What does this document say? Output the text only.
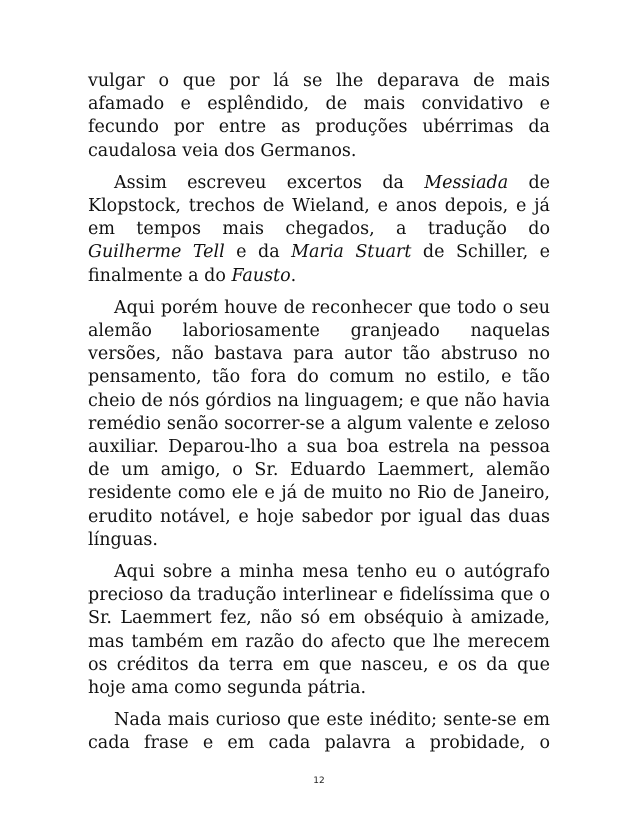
vulgar o que por lá se lhe deparava de mais afamado e esplêndido, de mais convidativo e fecundo por entre as produções ubérrimas da caudalosa veia dos Germanos.

Assim escreveu excertos da Messiada de Klopstock, trechos de Wieland, e anos depois, e já em tempos mais chegados, a tradução do Guilherme Tell e da Maria Stuart de Schiller, e finalmente a do Fausto.

Aqui porém houve de reconhecer que todo o seu alemão laboriosamente granjeado naquelas versões, não bastava para autor tão abstruso no pensamento, tão fora do comum no estilo, e tão cheio de nós górdios na linguagem; e que não havia remédio senão socorrer-se a algum valente e zeloso auxiliar. Deparou-lho a sua boa estrela na pessoa de um amigo, o Sr. Eduardo Laemmert, alemão residente como ele e já de muito no Rio de Janeiro, erudito notável, e hoje sabedor por igual das duas línguas.

Aqui sobre a minha mesa tenho eu o autógrafo precioso da tradução interlinear e fidelíssima que o Sr. Laemmert fez, não só em obséquio à amizade, mas também em razão do afecto que lhe merecem os créditos da terra em que nasceu, e os da que hoje ama como segunda pátria.

Nada mais curioso que este inédito; sente-se em cada frase e em cada palavra a probidade, o

12
